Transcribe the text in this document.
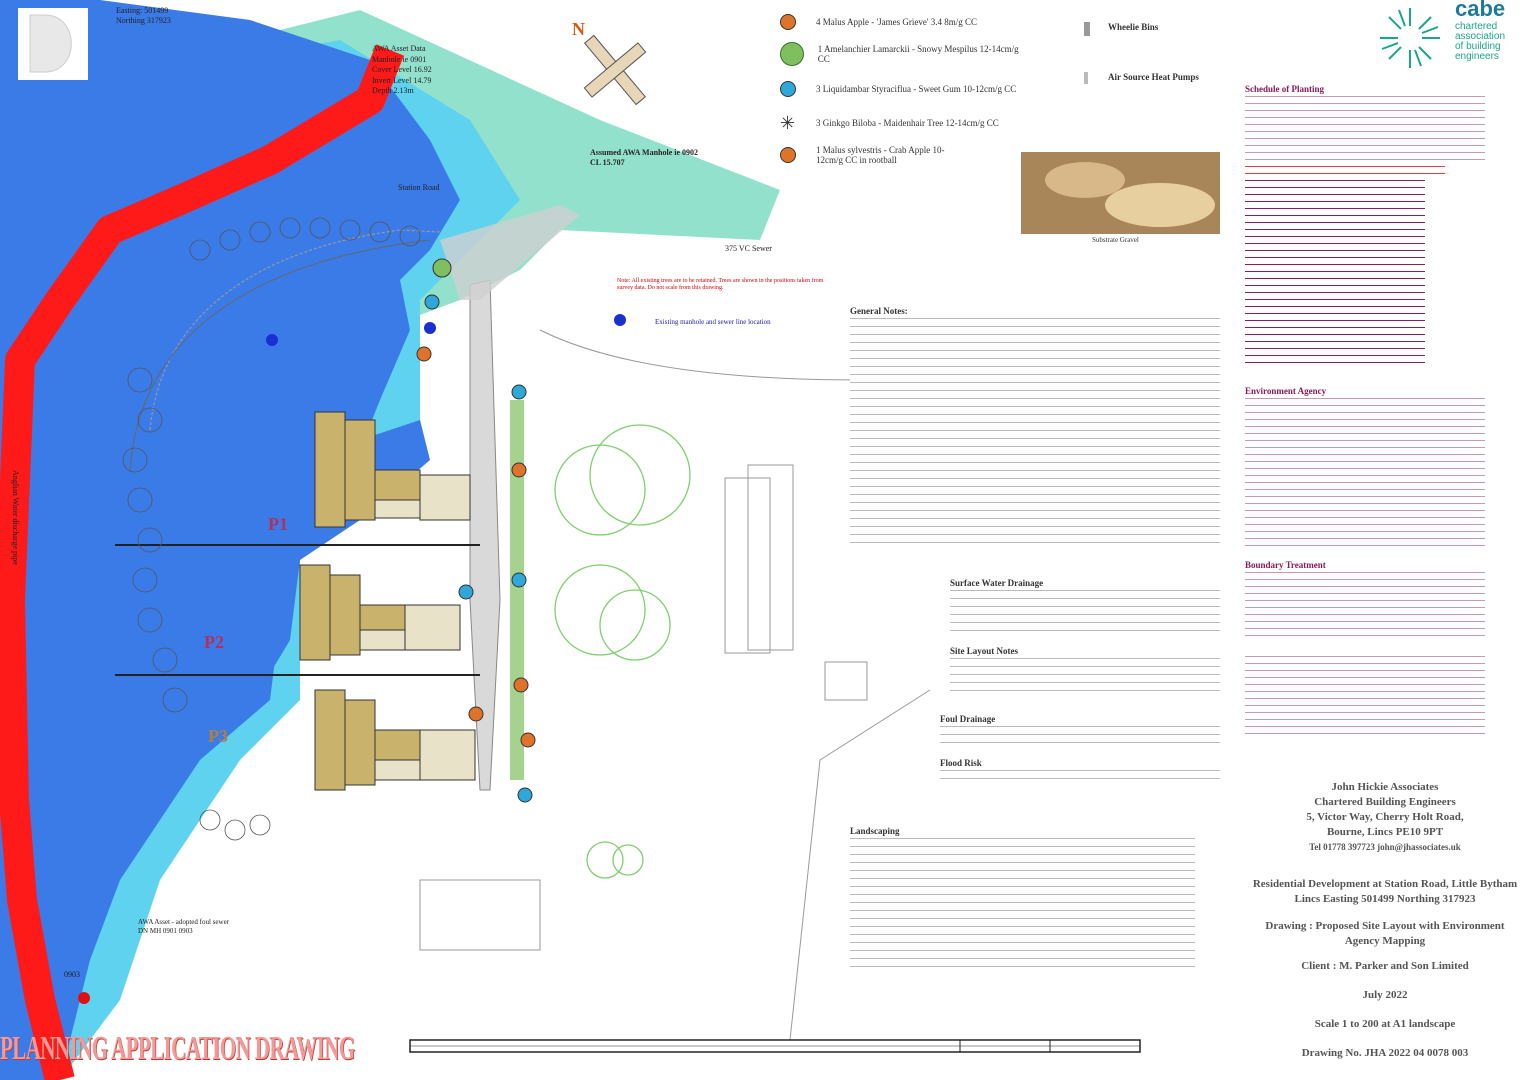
N
Easting: 501499
Northing 317923
AWA Asset Data
Manhole ie 0901
Cover Level 16.92
Invert Level 14.79
Depth 2.13m
Assumed AWA Manhole ie 0902
CL 15.707
Station Road
375 VC Sewer
AWA Asset - adopted foul sewer
DN MH 0901 0903
Anglian Water discharge pipe
0903
P1
P2
P3
4 Malus Apple - 'James Grieve' 3.4 8m/g CC
1 Amelanchier Lamarckii - Snowy Mespilus 12-14cm/g CC
3 Liquidambar Styraciflua - Sweet Gum 10-12cm/g CC
✳	3 Ginkgo Biloba - Maidenhair Tree 12-14cm/g CC
1 Malus sylvestris - Crab Apple 10-12cm/g CC in rootball
Wheelie Bins
Air Source Heat Pumps
Substrate Gravel
Note: All existing trees are to be retained. Trees are shown in the positions taken from survey data. Do not scale from this drawing.
Existing manhole and sewer line location
cabe
chartered
association
of building
engineers
General Notes:
Surface Water Drainage
Site Layout Notes
Foul Drainage
Flood Risk
Landscaping
Schedule of Planting
Environment Agency
Boundary Treatment
John Hickie Associates
Chartered Building Engineers
5, Victor Way, Cherry Holt Road,
Bourne, Lincs PE10 9PT
Tel 01778 397723 john@jhassociates.uk
Residential Development at Station Road, Little Bytham
Lincs Easting 501499 Northing 317923
Drawing : Proposed Site Layout with Environment Agency Mapping
Client : M. Parker and Son Limited
July 2022
Scale 1 to 200 at A1 landscape
Drawing No. JHA 2022 04 0078 003
PLANNING APPLICATION DRAWING
